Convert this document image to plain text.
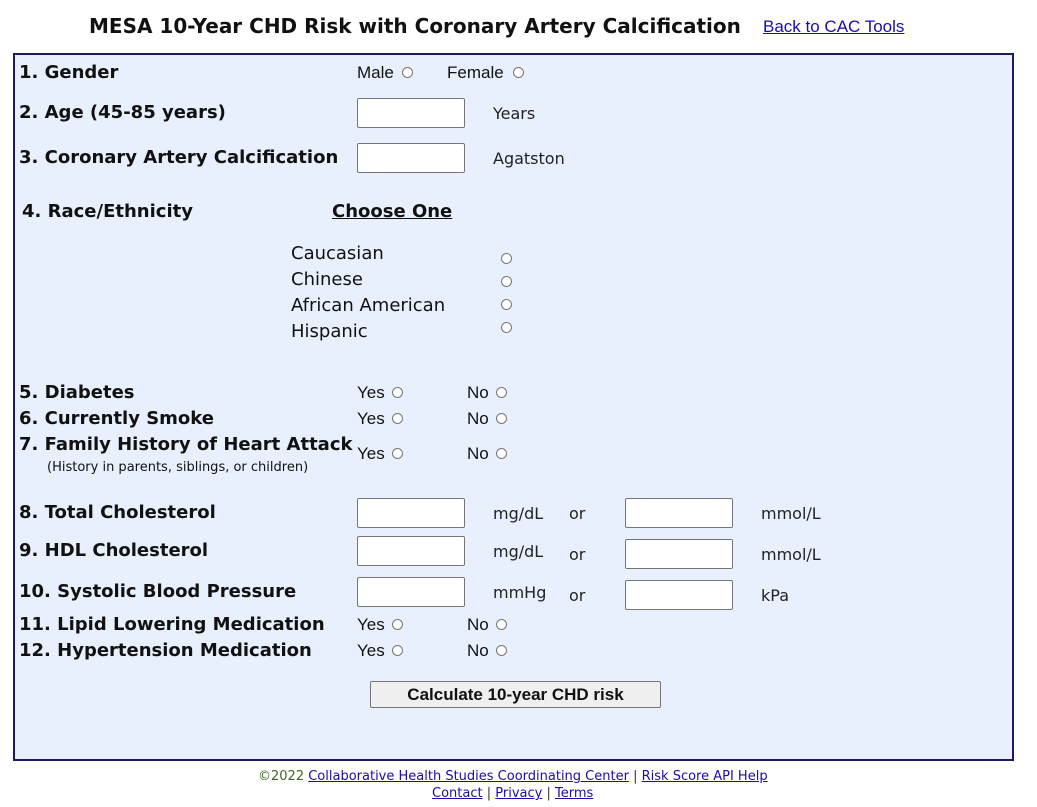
MESA 10-Year CHD Risk with Coronary Artery Calcification Back to CAC Tools
1. Gender	Male	Female
2. Age (45-85 years)	Years
3. Coronary Artery Calcification	Agatston
4. Race/Ethnicity	Choose One
Caucasian
Chinese
African American
Hispanic
5. Diabetes	Yes	No
6. Currently Smoke	Yes	No
7. Family History of Heart Attack
(History in parents, siblings, or children)
Yes	No
8. Total Cholesterol	mg/dL or	mmol/L
9. HDL Cholesterol	mg/dL or	mmol/L
10. Systolic Blood Pressure	mmHg or	kPa
11. Lipid Lowering Medication Yes	No
12. Hypertension Medication	Yes	No
Calculate 10-year CHD risk
©2022 Collaborative Health Studies Coordinating Center | Risk Score API Help
Contact | Privacy | Terms
